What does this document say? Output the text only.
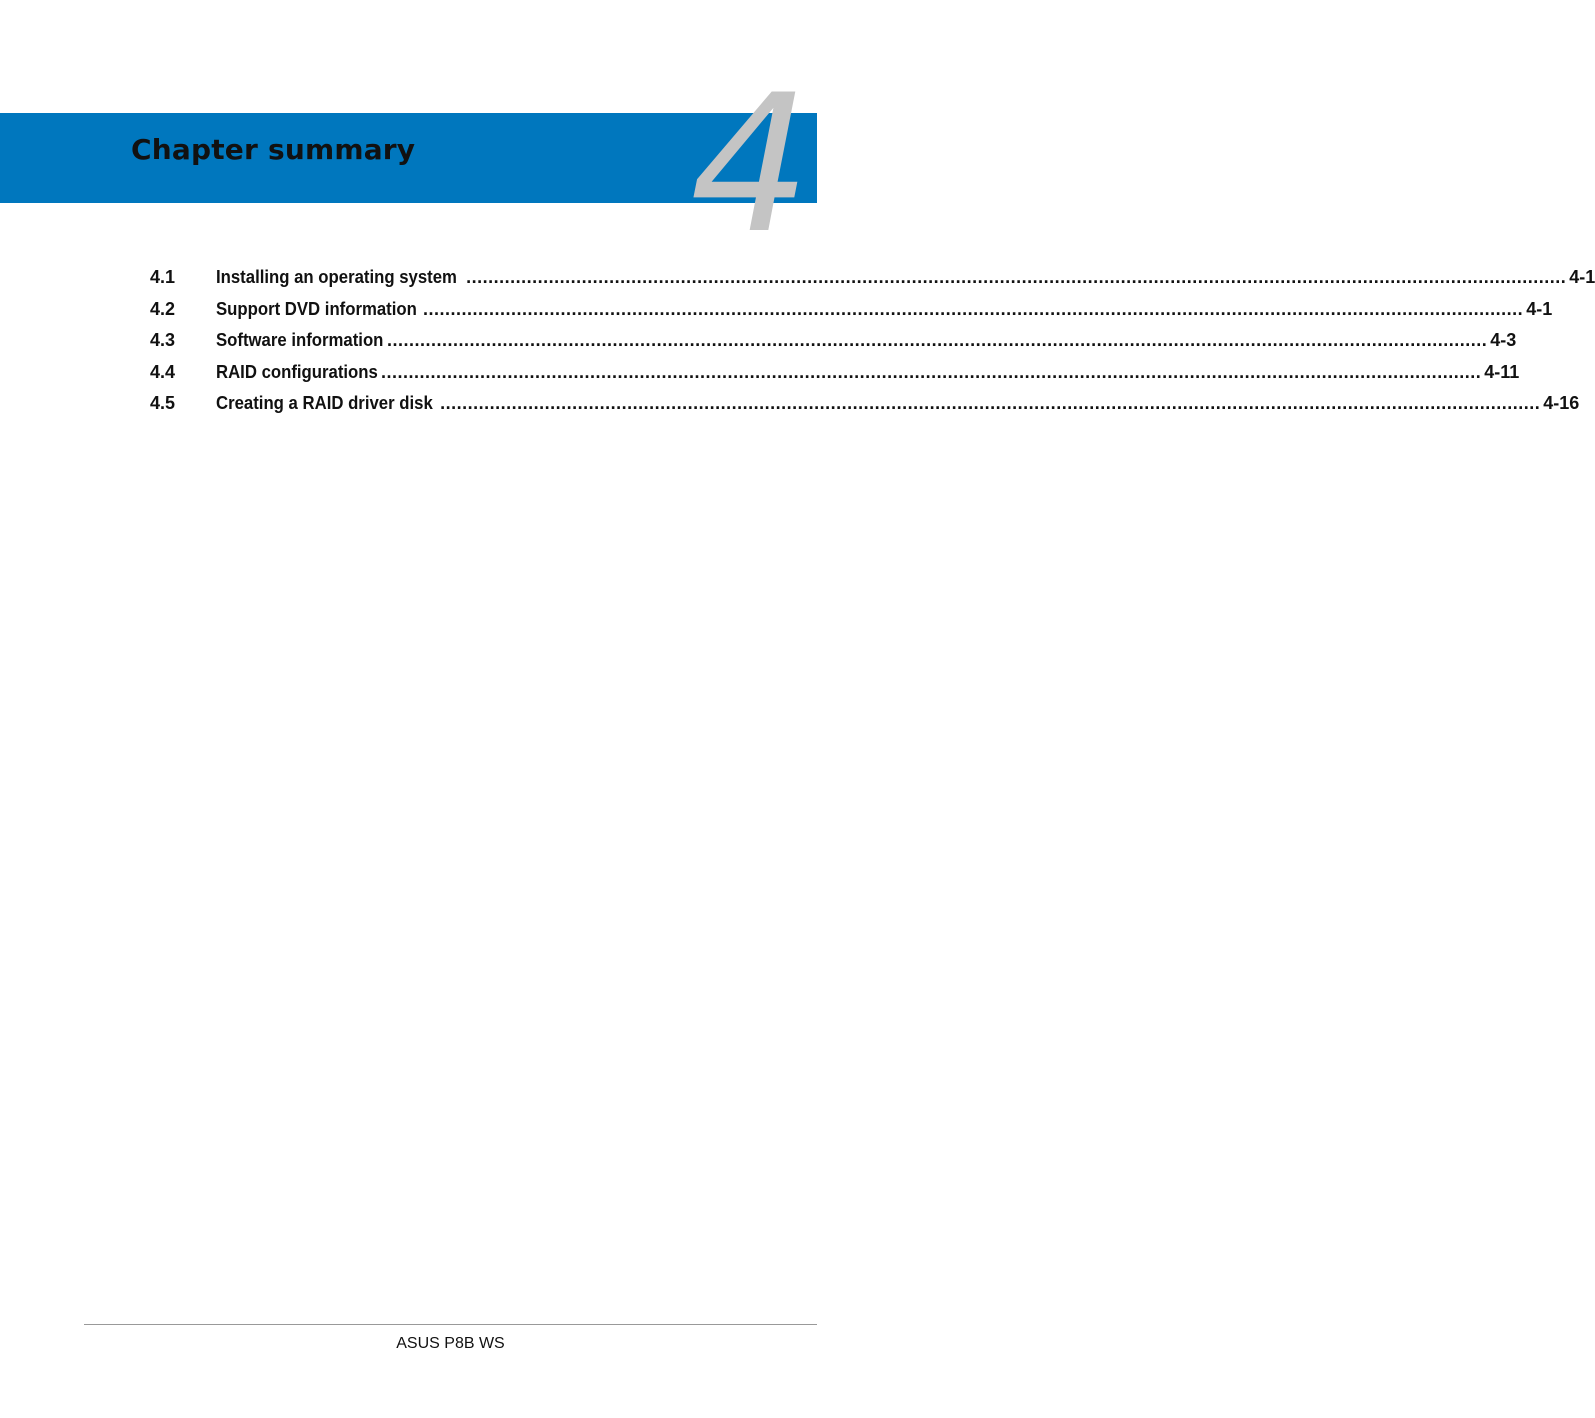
Chapter summary 4
4.1	Installing an operating system ........................................................................................................................................................................................................ 4-1
4.2	Support DVD information ........................................................................................................................................................................................................ 4-1
4.3	Software information ........................................................................................................................................................................................................ 4-3
4.4	RAID configurations ........................................................................................................................................................................................................ 4-11
4.5	Creating a RAID driver disk ........................................................................................................................................................................................................ 4-16
ASUS P8B WS
